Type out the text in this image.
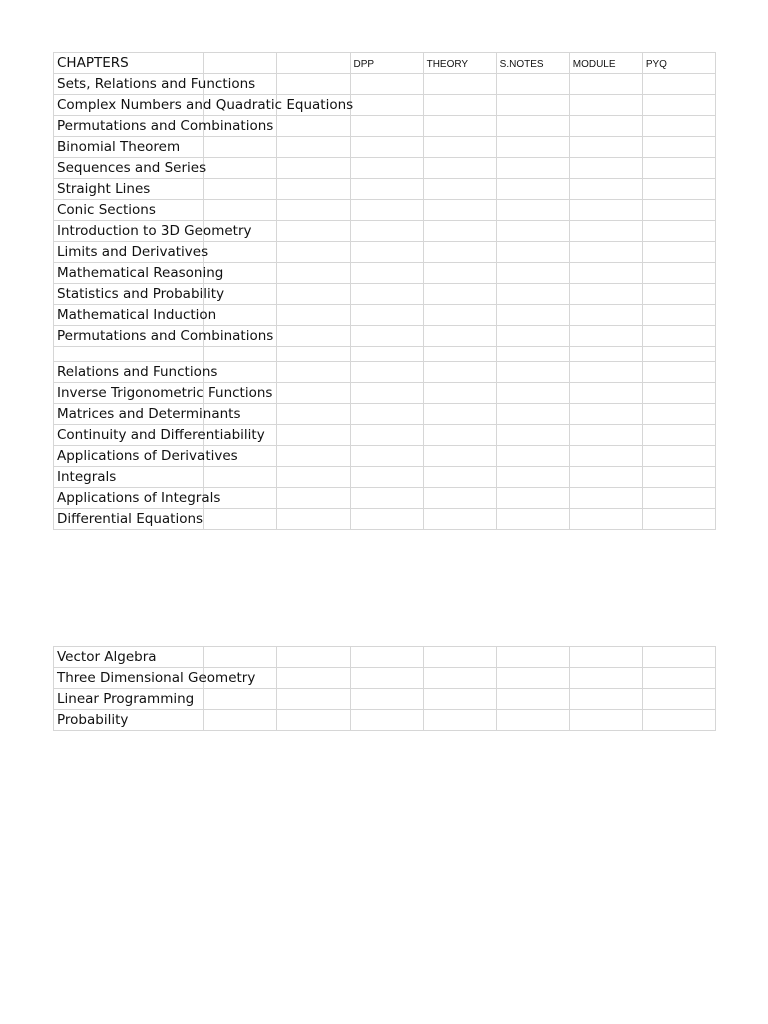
CHAPTERS			DPP	THEORY	S.NOTES	MODULE	PYQ
Sets, Relations and Functions							
Complex Numbers and Quadratic Equations							
Permutations and Combinations							
Binomial Theorem							
Sequences and Series							
Straight Lines							
Conic Sections							
Introduction to 3D Geometry							
Limits and Derivatives							
Mathematical Reasoning							
Statistics and Probability							
Mathematical Induction							
Permutations and Combinations							

Relations and Functions							
Inverse Trigonometric Functions							
Matrices and Determinants							
Continuity and Differentiability							
Applications of Derivatives							
Integrals							
Applications of Integrals							
Differential Equations							
Vector Algebra							
Three Dimensional Geometry							
Linear Programming							
Probability							
